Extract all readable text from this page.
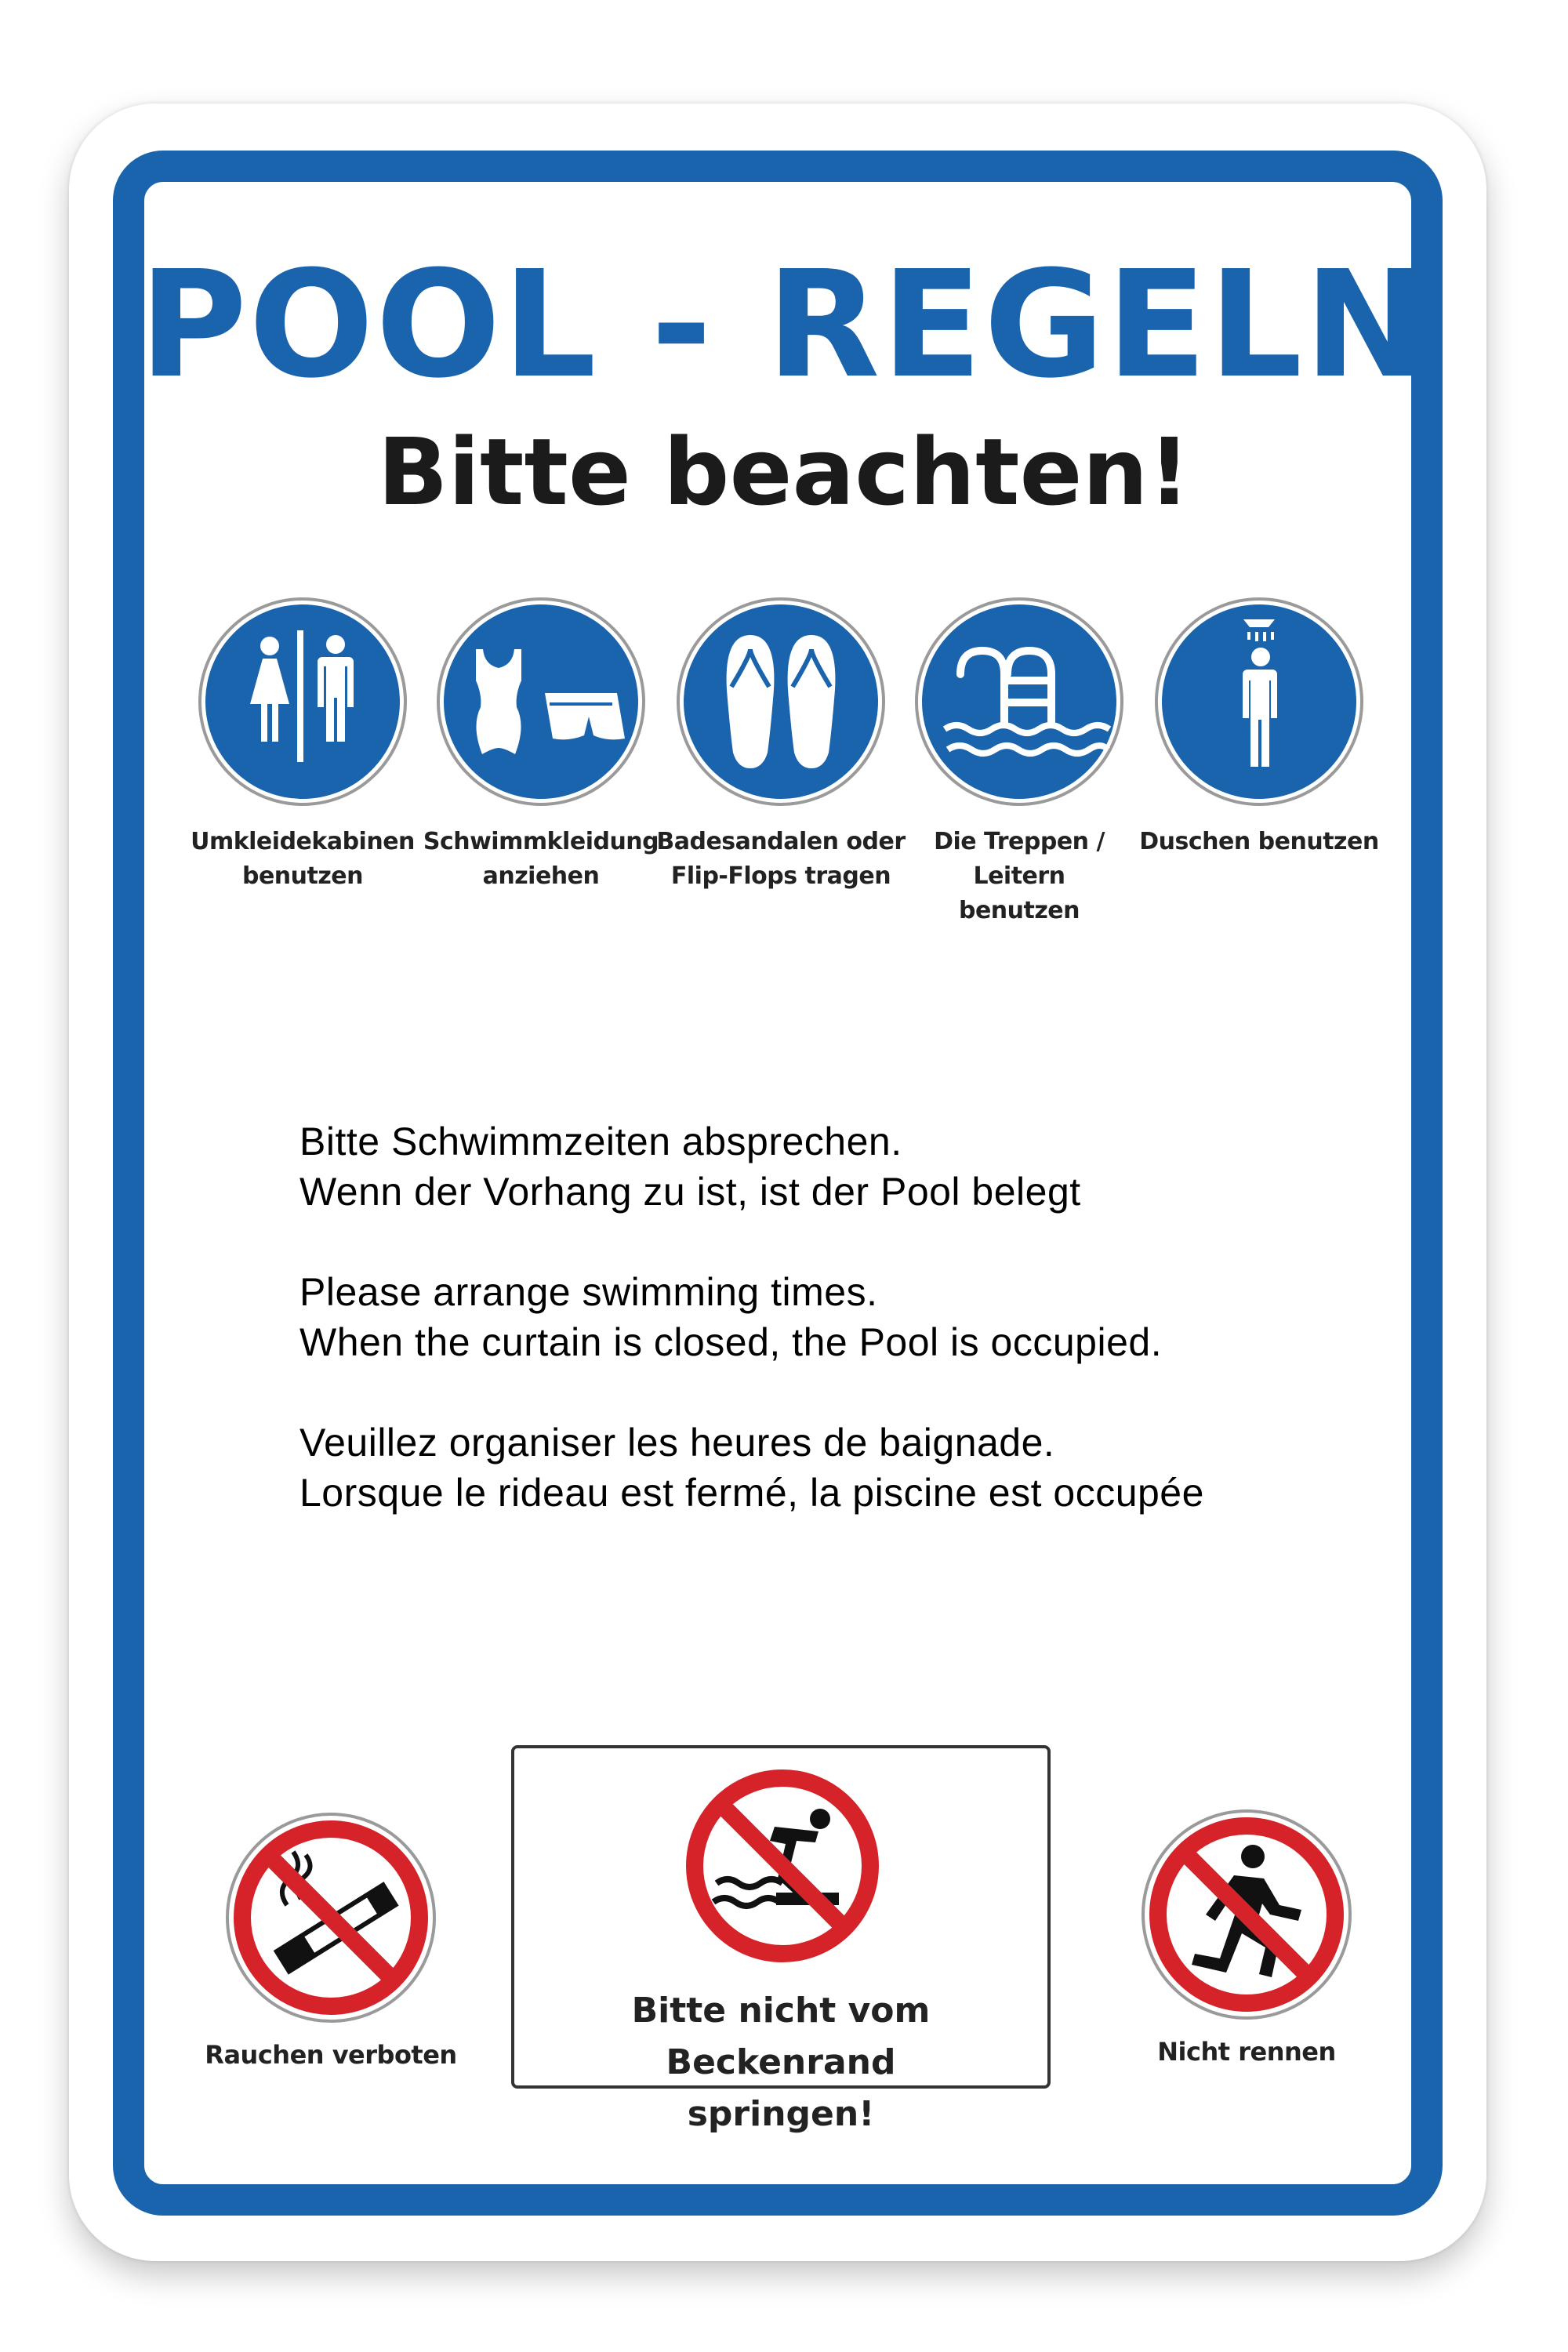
POOL - REGELN
Bitte beachten!
Umkleidekabinen
benutzen
Schwimmkleidung
anziehen
Badesandalen oder
Flip-Flops tragen
Die Treppen / Leitern
benutzen
Duschen benutzen
Bitte Schwimmzeiten absprechen.
Wenn der Vorhang zu ist, ist der Pool belegt
Please arrange swimming times.
When the curtain is closed, the Pool is occupied.
Veuillez organiser les heures de baignade.
Lorsque le rideau est fermé, la piscine est occupée
Rauchen verboten
Bitte nicht vom Beckenrand
springen!
Nicht rennen
